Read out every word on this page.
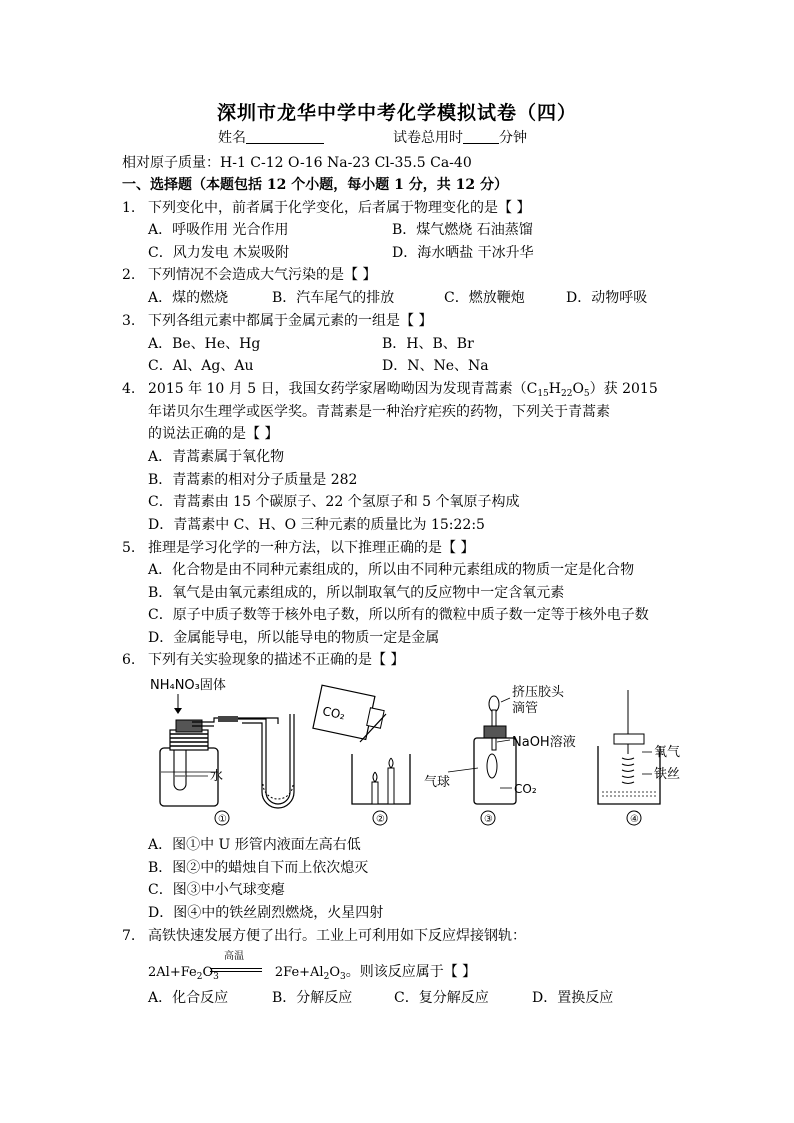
深圳市龙华中学中考化学模拟试卷（四）
姓名	试卷总用时	分钟
相对原子质量：H-1 C-12 O-16 Na-23 Cl-35.5 Ca-40
一、选择题（本题包括 12 个小题，每小题 1 分，共 12 分）
1. 下列变化中，前者属于化学变化，后者属于物理变化的是【 】
A．呼吸作用 光合作用	B．煤气燃烧 石油蒸馏
C．风力发电 木炭吸附	D．海水晒盐 干冰升华
2. 下列情况不会造成大气污染的是【 】
A．煤的燃烧	B．汽车尾气的排放	C．燃放鞭炮	D．动物呼吸
3. 下列各组元素中都属于金属元素的一组是【 】
A．Be、He、Hg	B．H、B、Br
C．Al、Ag、Au	D．N、Ne、Na
4. 2015 年 10 月 5 日，我国女药学家屠呦呦因为发现青蒿素$(C_{15}H_{22}O_5)$获 2015
年诺贝尔生理学或医学奖。青蒿素是一种治疗疟疾的药物，下列关于青蒿素
的说法正确的是【 】
A．青蒿素属于氧化物
B．青蒿素的相对分子质量是 282
C．青蒿素由 15 个碳原子、22 个氢原子和 5 个氧原子构成
D．青蒿素中 C、H、O 三种元素的质量比为 15:22:5
5. 推理是学习化学的一种方法，以下推理正确的是【 】
A．化合物是由不同种元素组成的，所以由不同种元素组成的物质一定是化合物
B．氧气是由氧元素组成的，所以制取氧气的反应物中一定含氧元素
C．原子中质子数等于核外电子数，所以所有的微粒中质子数一定等于核外电子数
D．金属能导电，所以能导电的物质一定是金属
6. 下列有关实验现象的描述不正确的是【 】
NH₄NO₃固体
水
①
CO₂
②
挤压胶头
滴管
NaOH溶液
气球	CO₂
③
氧气
铁丝
④
A．图①中 U 形管内液面左高右低
B．图②中的蜡烛自下而上依次熄灭
C．图③中小气球变瘪
D．图④中的铁丝剧烈燃烧，火星四射
7. 高铁快速发展方便了出行。工业上可利用如下反应焊接钢轨：
$2Al+Fe_2O_3$	$2Fe+Al_2O_3$。则该反应属于【 】
高温
A．化合反应	B．分解反应	C．复分解反应	D．置换反应
